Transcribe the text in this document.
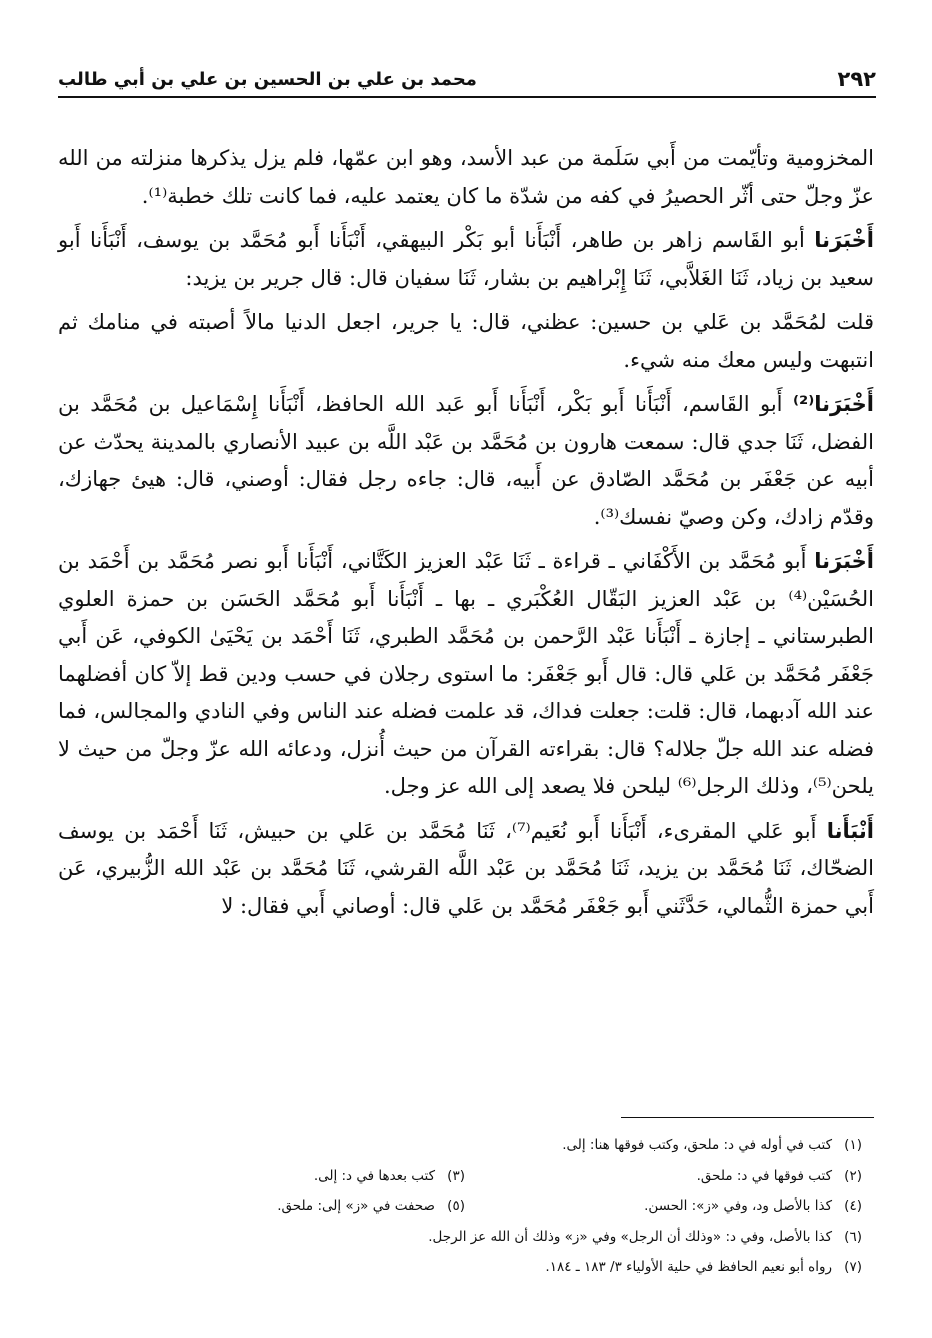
٢٩٢
محمد بن علي بن الحسين بن علي بن أبي طالب

المخزومية وتأيّمت من أَبي سَلَمة من عبد الأسد، وهو ابن عمّها، فلم يزل يذكرها منزلته من الله عزّ وجلّ حتى أثّر الحصيرُ في كفه من شدّة ما كان يعتمد عليه، فما كانت تلك خطبة⁽¹⁾.

أَخْبَرَنا أبو القَاسم زاهر بن طاهر، أَنْبَأَنا أبو بَكْر البيهقي، أَنْبَأَنا أَبو مُحَمَّد بن يوسف، أَنْبَأَنا أَبو سعيد بن زياد، ثَنَا الغَلاَّبي، ثَنَا إِبْراهيم بن بشار، ثَنَا سفيان قال: قال جرير بن يزيد:

قلت لمُحَمَّد بن عَلي بن حسين: عظني، قال: يا جرير، اجعل الدنيا مالاً أصبته في منامك ثم انتبهت وليس معك منه شيء.

أَخْبَرَنا⁽²⁾ أَبو القَاسم، أَنْبَأَنا أَبو بَكْر، أَنْبَأَنا أَبو عَبد الله الحافظ، أَنْبَأَنا إِسْمَاعيل بن مُحَمَّد بن الفضل، ثَنَا جدي قال: سمعت هارون بن مُحَمَّد بن عَبْد اللَّه بن عبيد الأنصاري بالمدينة يحدّث عن أبيه عن جَعْفَر بن مُحَمَّد الصّادق عن أَبيه، قال: جاءه رجل فقال: أوصني، قال: هيئ جهازك، وقدّم زادك، وكن وصيّ نفسك⁽³⁾.

أَخْبَرَنا أَبو مُحَمَّد بن الأَكْفَاني ـ قراءة ـ ثَنَا عَبْد العزيز الكَتَّاني، أَنْبَأَنا أَبو نصر مُحَمَّد بن أَحْمَد بن الحُسَيْن⁽⁴⁾ بن عَبْد العزيز البَقّال العُكْبَري ـ بها ـ أَنْبَأَنا أَبو مُحَمَّد الحَسَن بن حمزة العلوي الطبرستاني ـ إجازة ـ أَنْبَأَنا عَبْد الرَّحمن بن مُحَمَّد الطبري، ثَنَا أَحْمَد بن يَحْيَىٰ الكوفي، عَن أَبي جَعْفَر مُحَمَّد بن عَلي قال: قال أَبو جَعْفَر: ما استوى رجلان في حسب ودين قط إلاّ كان أفضلهما عند الله آدبهما، قال: قلت: جعلت فداك، قد علمت فضله عند الناس وفي النادي والمجالس، فما فضله عند الله جلّ جلاله؟ قال: بقراءته القرآن من حيث أُنزل، ودعائه الله عزّ وجلّ من حيث لا يلحن⁽⁵⁾، وذلك الرجل⁽⁶⁾ ليلحن فلا يصعد إلى الله عز وجل.

أَنْبَأَنا أَبو عَلي المقرىء، أَنْبَأَنا أَبو نُعَيم⁽⁷⁾، ثَنَا مُحَمَّد بن عَلي بن حبيش، ثَنَا أَحْمَد بن يوسف الضحّاك، ثَنَا مُحَمَّد بن يزيد، ثَنَا مُحَمَّد بن عَبْد اللَّه القرشي، ثَنَا مُحَمَّد بن عَبْد الله الزُّبيري، عَن أَبي حمزة الثُّمالي، حَدَّثَني أَبو جَعْفَر مُحَمَّد بن عَلي قال: أوصاني أَبي فقال: لا

(١)
كتب في أوله في د: ملحق، وكتب فوقها هنا: إلى.
(٢)
كتب فوقها في د: ملحق.
(٣)
كتب بعدها في د: إلى.
(٤)
كذا بالأصل ود، وفي «ز»: الحسن.
(٥)
صحفت في «ز» إلى: ملحق.
(٦)
كذا بالأصل، وفي د: «وذلك أن الرجل» وفي «ز» وذلك أن الله عز الرجل.
(٧)
رواه أبو نعيم الحافظ في حلية الأولياء ٣/ ١٨٣ ـ ١٨٤.
